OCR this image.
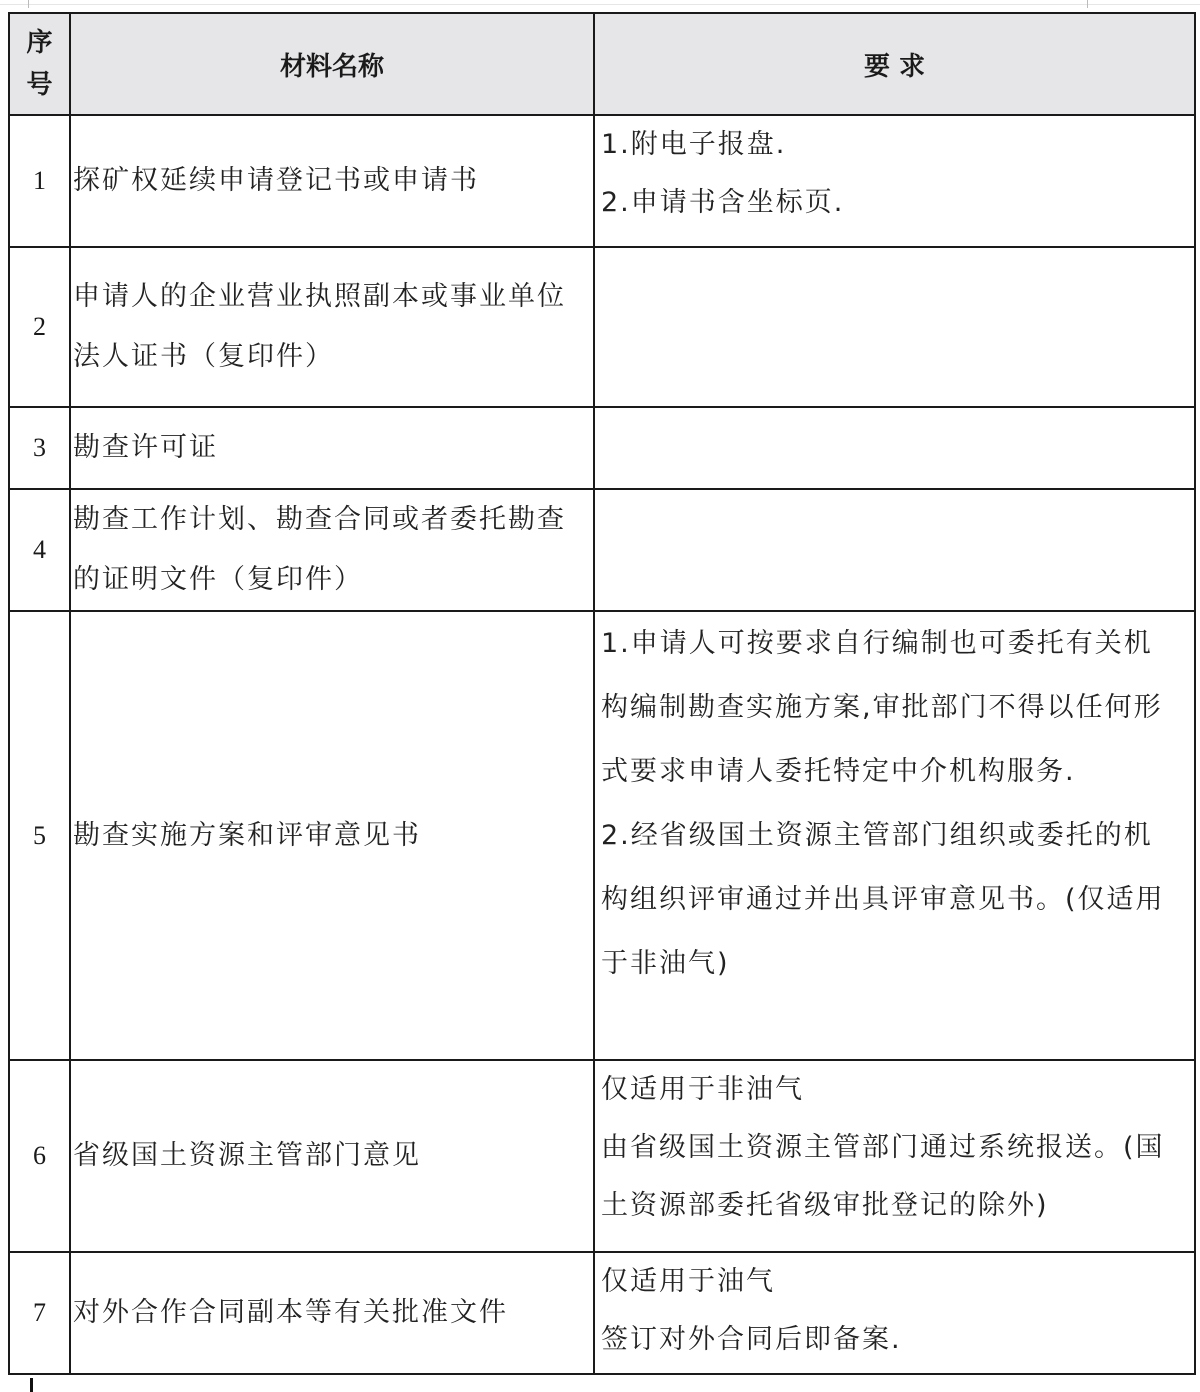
序号	材料名称	要 求
1	探矿权延续申请登记书或申请书	1.附电子报盘.
2.申请书含坐标页.

2	申请人的企业营业执照副本或事业单位法人证书（复印件）	
3	勘查许可证	
4	勘查工作计划、勘查合同或者委托勘查的证明文件（复印件）	
5	勘查实施方案和评审意见书	
1.申请人可按要求自行编制也可委托有关机
构编制勘查实施方案,审批部门不得以任何形
式要求申请人委托特定中介机构服务.
2.经省级国土资源主管部门组织或委托的机
构组织评审通过并出具评审意见书。(仅适用
于非油气)

6	省级国土资源主管部门意见	仅适用于非油气
由省级国土资源主管部门通过系统报送。(国
土资源部委托省级审批登记的除外)

7	对外合作合同副本等有关批准文件	仅适用于油气
签订对外合同后即备案.
